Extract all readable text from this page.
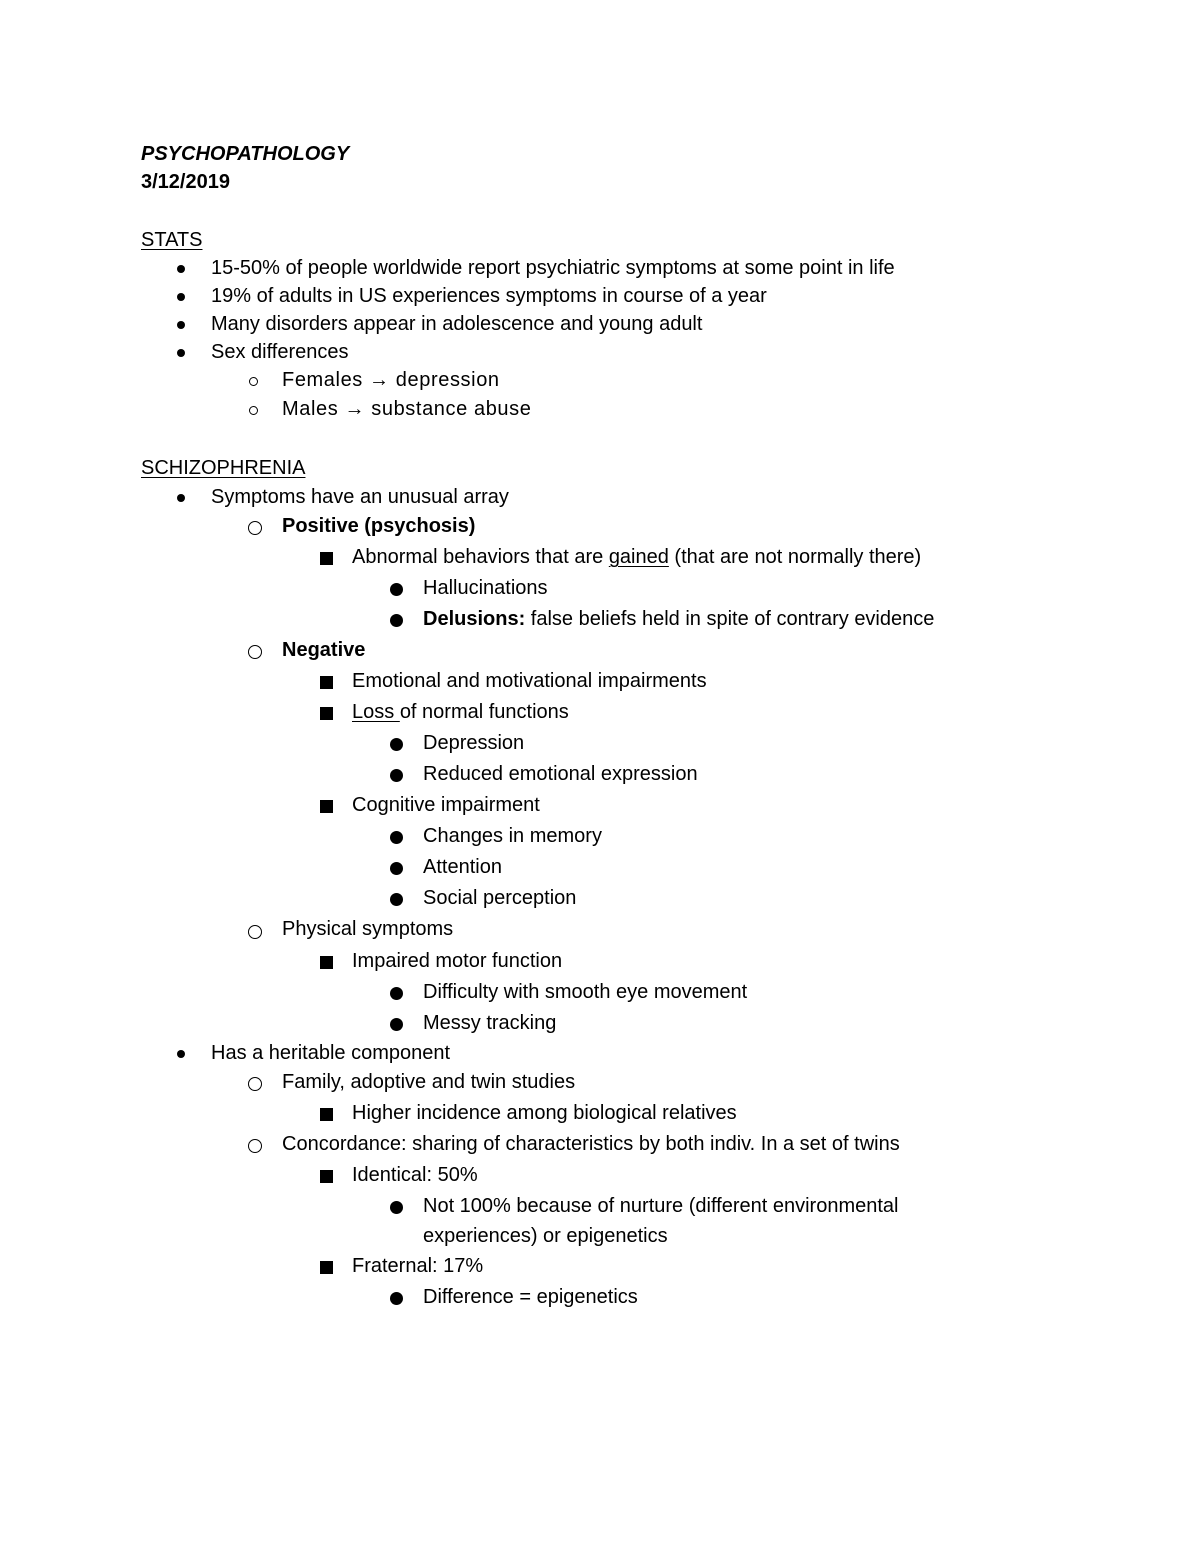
PSYCHOPATHOLOGY
3/12/2019
STATS
15-50% of people worldwide report psychiatric symptoms at some point in life
19% of adults in US experiences symptoms in course of a year
Many disorders appear in adolescence and young adult
Sex differences
Females → depression
Males → substance abuse
SCHIZOPHRENIA
Symptoms have an unusual array
Positive (psychosis)
Abnormal behaviors that are gained (that are not normally there)
Hallucinations
Delusions: false beliefs held in spite of contrary evidence
Negative
Emotional and motivational impairments
Loss of normal functions
Depression
Reduced emotional expression
Cognitive impairment
Changes in memory
Attention
Social perception
Physical symptoms
Impaired motor function
Difficulty with smooth eye movement
Messy tracking
Has a heritable component
Family, adoptive and twin studies
Higher incidence among biological relatives
Concordance: sharing of characteristics by both indiv. In a set of twins
Identical: 50%
Not 100% because of nurture (different environmental
experiences) or epigenetics
Fraternal: 17%
Difference = epigenetics
